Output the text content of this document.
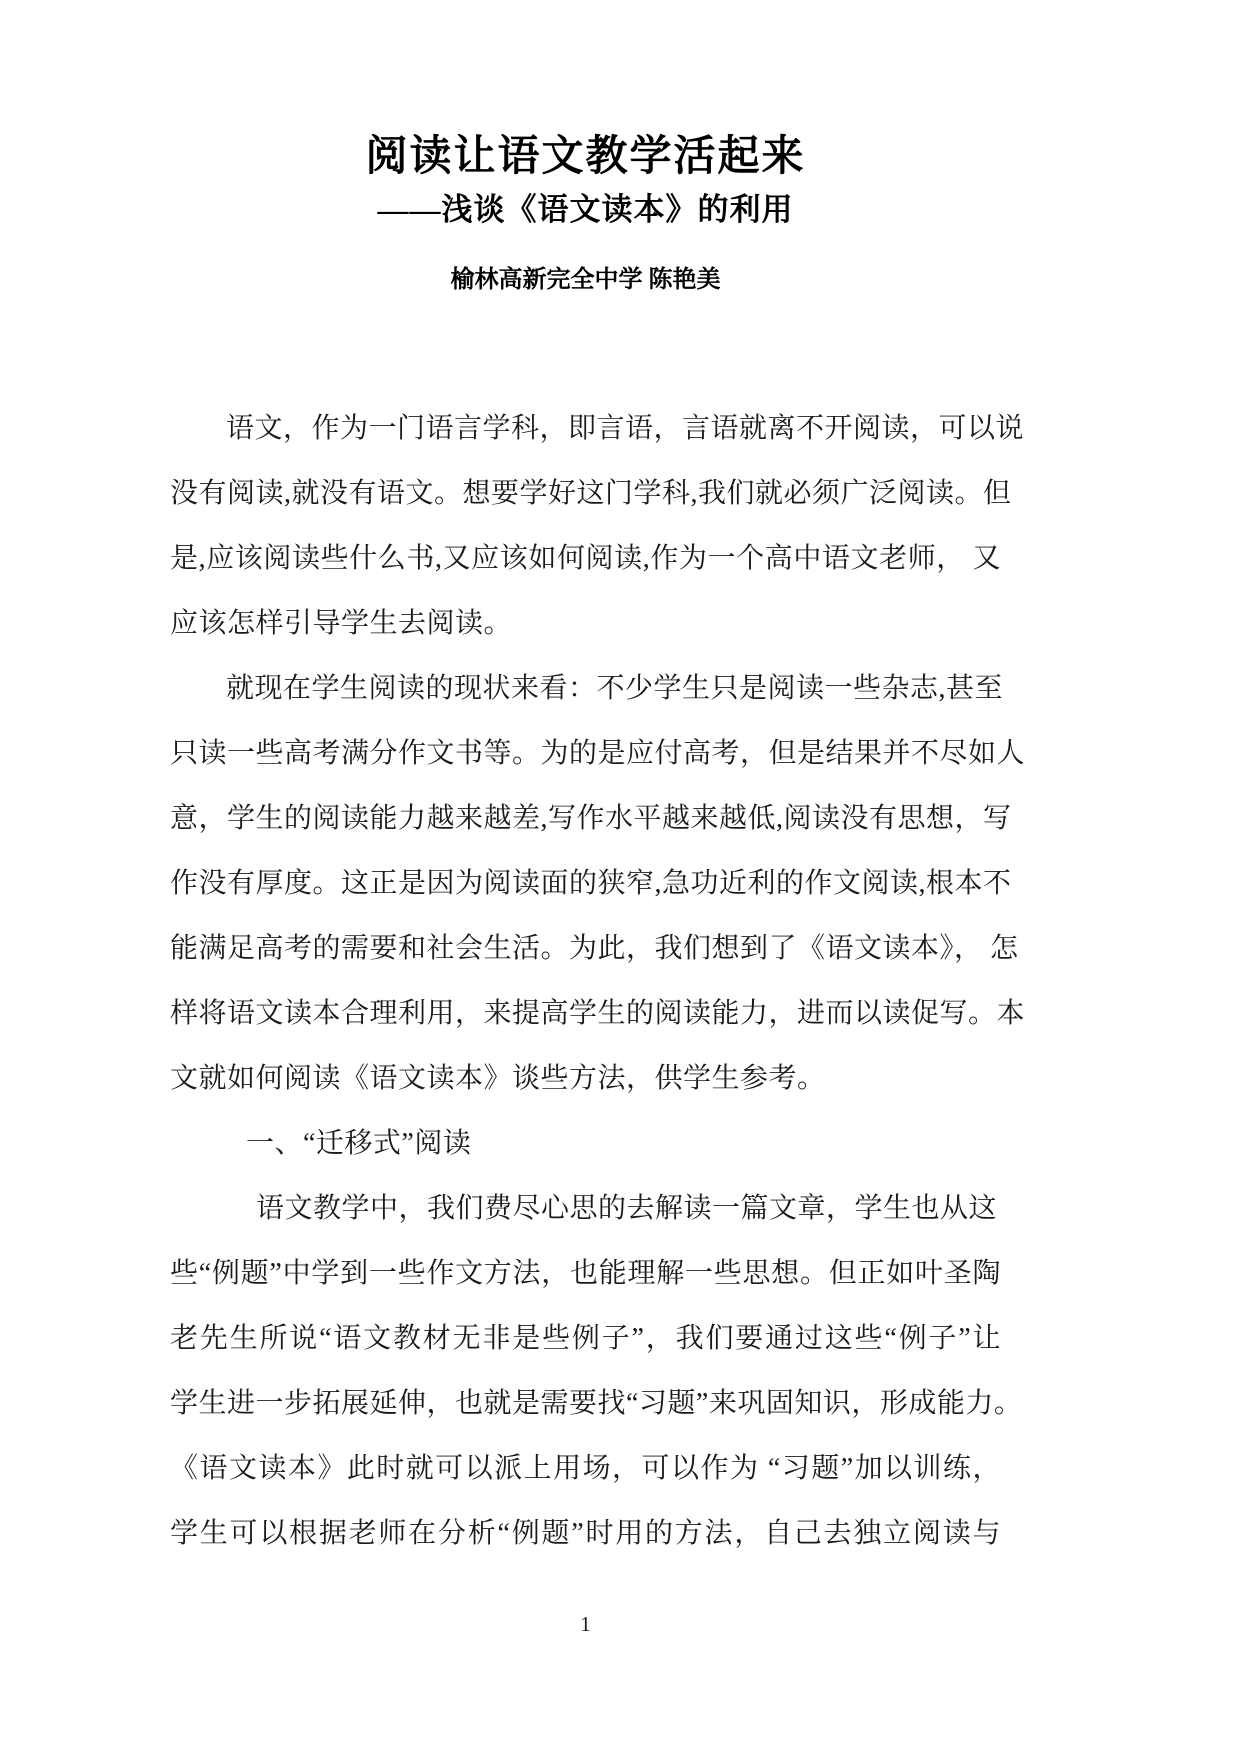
阅读让语文教学活起来
——浅谈《语文读本》的利用
榆林高新完全中学 陈艳美
语文，作为一门语言学科，即言语，言语就离不开阅读，可以说
没有阅读,就没有语文。想要学好这门学科,我们就必须广泛阅读。但
是,应该阅读些什么书,又应该如何阅读,作为一个高中语文老师， 又
应该怎样引导学生去阅读。
就现在学生阅读的现状来看：不少学生只是阅读一些杂志,甚至
只读一些高考满分作文书等。为的是应付高考，但是结果并不尽如人
意，学生的阅读能力越来越差,写作水平越来越低,阅读没有思想，写
作没有厚度。这正是因为阅读面的狭窄,急功近利的作文阅读,根本不
能满足高考的需要和社会生活。为此，我们想到了《语文读本》， 怎
样将语文读本合理利用，来提高学生的阅读能力，进而以读促写。本
文就如何阅读《语文读本》谈些方法，供学生参考。
一、“迁移式”阅读
语文教学中，我们费尽心思的去解读一篇文章，学生也从这
些“例题”中学到一些作文方法，也能理解一些思想。但正如叶圣陶
老先生所说“语文教材无非是些例子”，我们要通过这些“例子”让
学生进一步拓展延伸，也就是需要找“习题”来巩固知识，形成能力。
《语文读本》此时就可以派上用场，可以作为 “习题”加以训练，
学生可以根据老师在分析“例题”时用的方法，自己去独立阅读与
1
